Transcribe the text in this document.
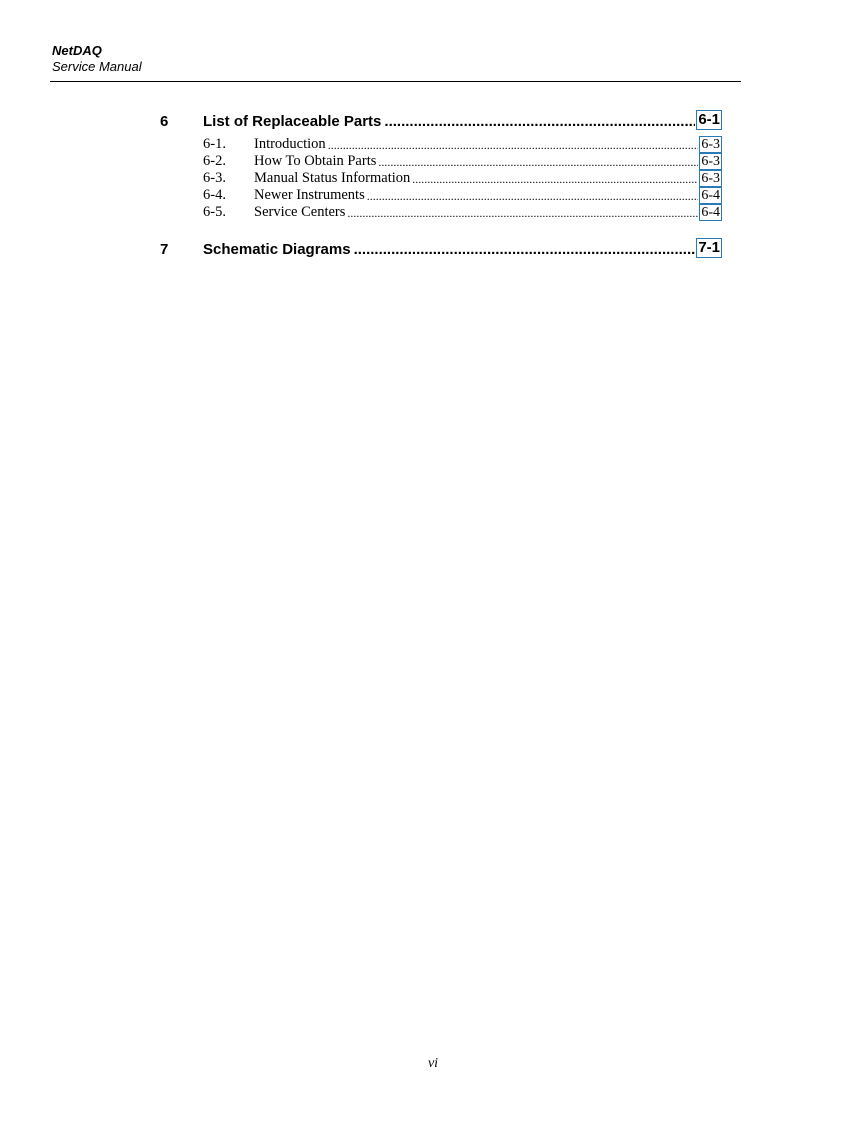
NetDAQ
Service Manual
6	List of Replaceable Parts .....	6-1
6-1.	Introduction .....	6-3
6-2.	How To Obtain Parts .....	6-3
6-3.	Manual Status Information .....	6-3
6-4.	Newer Instruments .....	6-4
6-5.	Service Centers .....	6-4
7	Schematic Diagrams .....	7-1
vi
